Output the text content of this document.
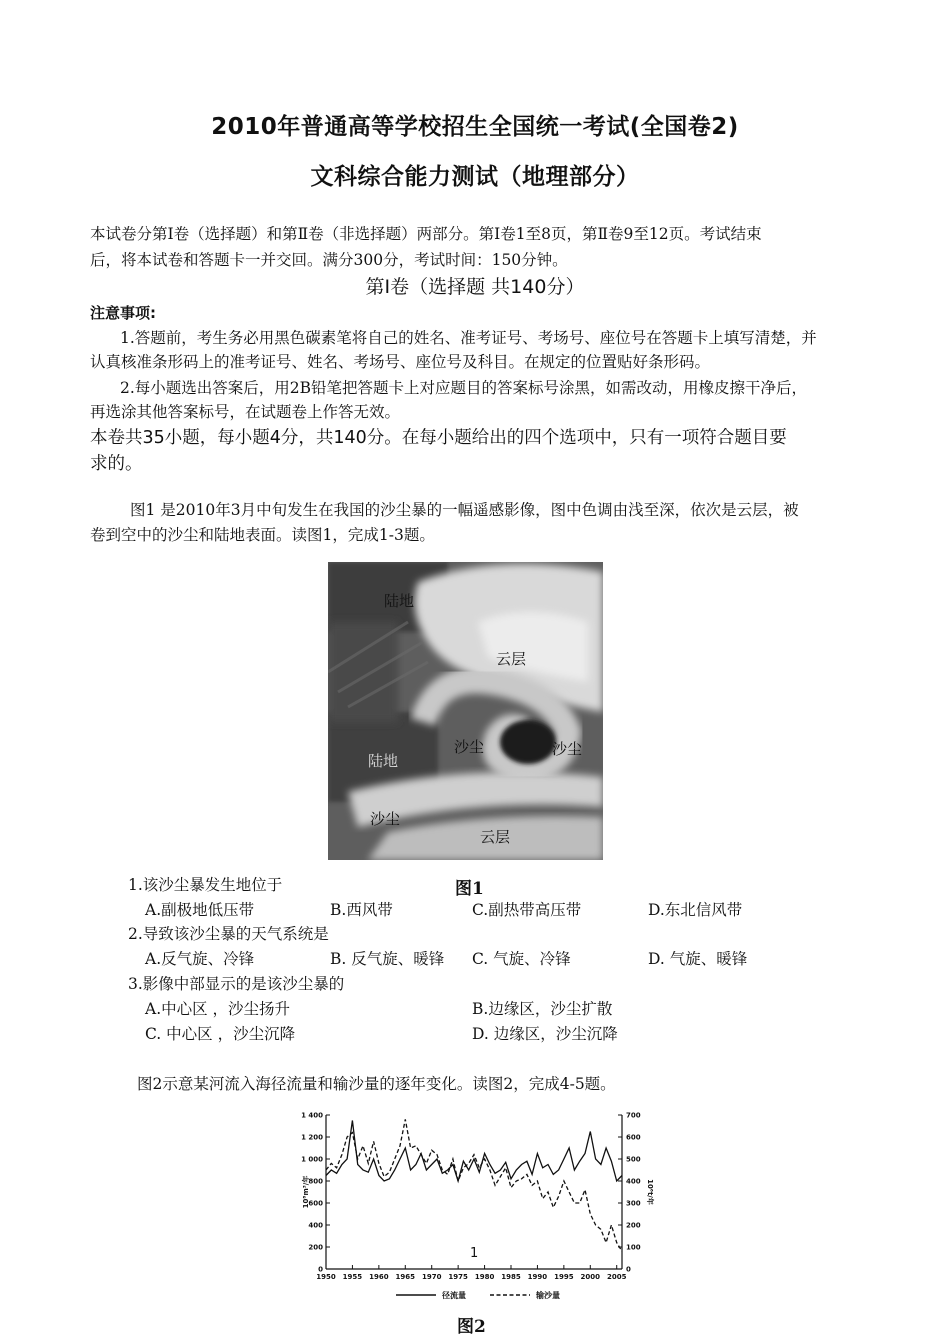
2010年普通高等学校招生全国统一考试(全国卷2)
文科综合能力测试（地理部分）
本试卷分第Ⅰ卷（选择题）和第Ⅱ卷（非选择题）两部分。第Ⅰ卷1至8页，第Ⅱ卷9至12页。考试结束
后，将本试卷和答题卡一并交回。满分300分，考试时间：150分钟。
第Ⅰ卷（选择题 共140分）
注意事项:
1.答题前，考生务必用黑色碳素笔将自己的姓名、准考证号、考场号、座位号在答题卡上填写清楚，并
认真核准条形码上的准考证号、姓名、考场号、座位号及科目。在规定的位置贴好条形码。
2.每小题选出答案后，用2B铅笔把答题卡上对应题目的答案标号涂黑，如需改动，用橡皮擦干净后，
再选涂其他答案标号，在试题卷上作答无效。
本卷共35小题，每小题4分，共140分。在每小题给出的四个选项中，只有一项符合题目要
求的。
图1 是2010年3月中旬发生在我国的沙尘暴的一幅遥感影像，图中色调由浅至深，依次是云层，被
卷到空中的沙尘和陆地表面。读图1，完成1-3题。
陆地
云层
陆地
沙尘	沙尘
沙尘
云层
1.该沙尘暴发生地位于	图1
A.副极地低压带	B.西风带	C.副热带高压带	D.东北信风带
2.导致该沙尘暴的天气系统是
A.反气旋、冷锋	B. 反气旋、暖锋 C. 气旋、冷锋	D. 气旋、暖锋
3.影像中部显示的是该沙尘暴的
A.中心区 ，沙尘扬升	B.边缘区，沙尘扩散
C. 中心区 ，沙尘沉降	D. 边缘区，沙尘沉降
图2示意某河流入海径流量和输沙量的逐年变化。读图2，完成4-5题。
0
200
400
600
800
1 000
1 200
1 400
0
100
200
300
400
500
600
700
1950 1955 1960 1965 1970 1975 1980 1985 1990 1995 2000 2005
10⁸m³/年	10⁶t/年
径流量	输沙量
1
图2
